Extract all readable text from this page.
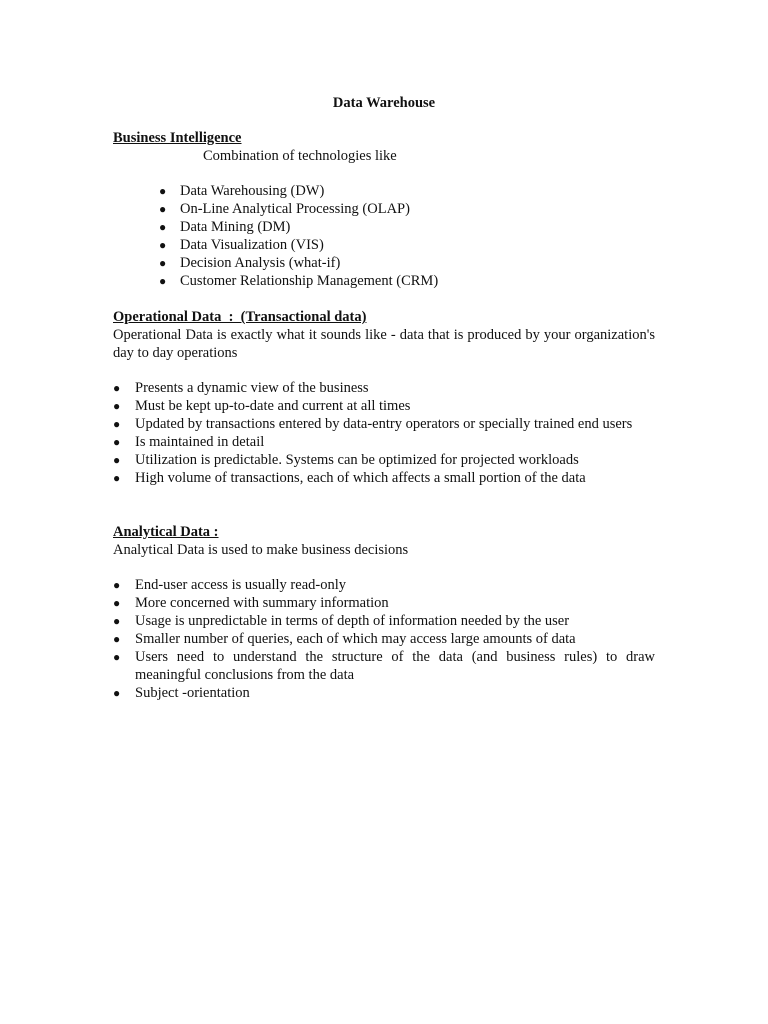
Data Warehouse
Business Intelligence

Combination of technologies like

● Data Warehousing (DW)
● On-Line Analytical Processing (OLAP)
● Data Mining (DM)
● Data Visualization (VIS)
● Decision Analysis (what-if)
● Customer Relationship Management (CRM)
Operational Data  :  (Transactional data)

Operational Data is exactly what it sounds like - data that is produced by your organization's day to day operations

●	Presents a dynamic view of the business
●	Must be kept up-to-date and current at all times
●	Updated by transactions entered by data-entry operators or specially trained end users
●	Is maintained in detail
●	Utilization is predictable. Systems can be optimized for projected workloads
●	High volume of transactions, each of which affects a small portion of the data
Analytical Data :

Analytical Data is used to make business decisions

●	End-user access is usually read-only
●	More concerned with summary information
●	Usage is unpredictable in terms of depth of information needed by the user
●	Smaller number of queries, each of which may access large amounts of data
●	Users need to understand the structure of the data (and business rules) to draw meaningful conclusions from the data
●	Subject -orientation
